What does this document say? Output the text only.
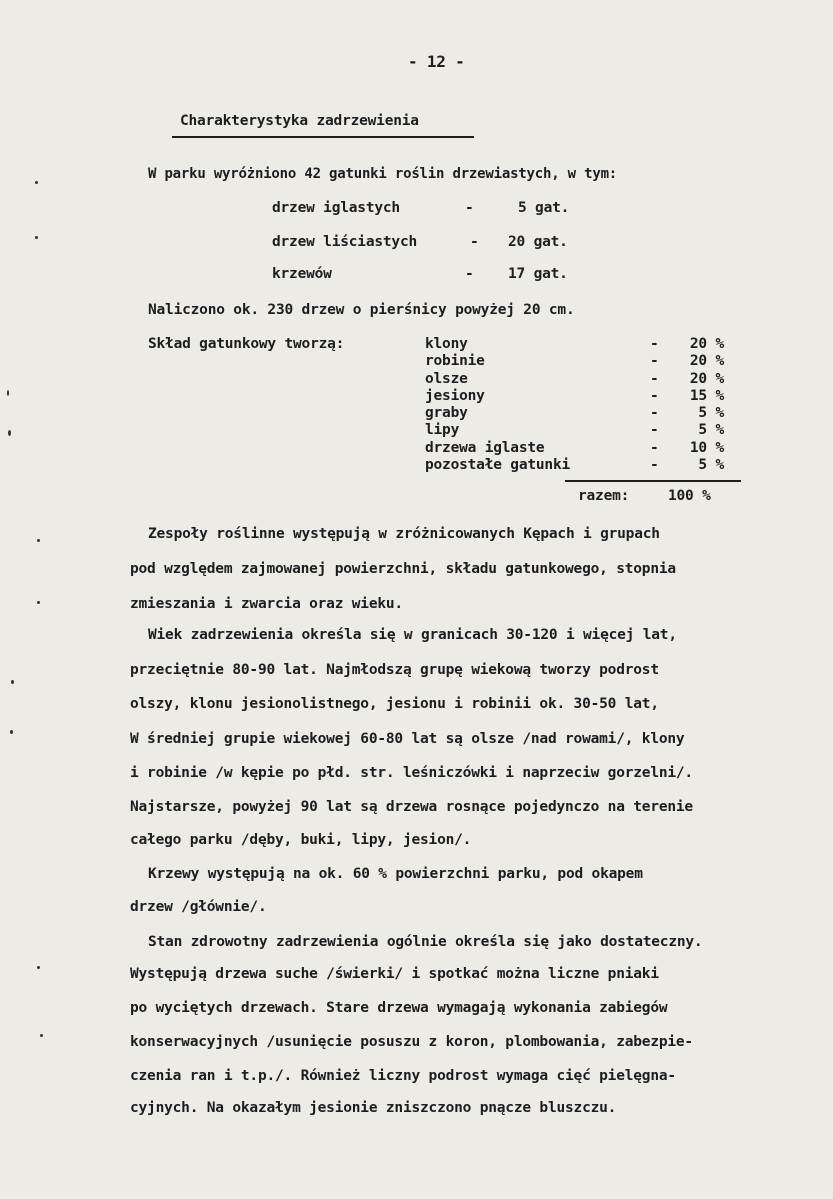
- 12 -
Charakterystyka zadrzewienia
W parku wyróżniono 42 gatunki roślin drzewiastych, w tym:
drzew iglastych	-	5 gat.
drzew liściastych	- 20 gat.
krzewów	- 17 gat.
Naliczono ok. 230 drzew o pierśnicy powyżej 20 cm.
Skład gatunkowy tworzą:	klony	-	20 %
robinie	-	20 %
olsze	-	20 %
jesiony	-	15 %
graby	-	5 %
lipy	-	5 %
drzewa iglaste	-	10 %
pozostałe gatunki	-	5 %
razem:	100 %
Zespoły roślinne występują w zróżnicowanych Kępach i grupach
pod względem zajmowanej powierzchni, składu gatunkowego, stopnia
zmieszania i zwarcia oraz wieku.
Wiek zadrzewienia określa się w granicach 30-120 i więcej lat,
przeciętnie 80-90 lat. Najmłodszą grupę wiekową tworzy podrost
olszy, klonu jesionolistnego, jesionu i robinii ok. 30-50 lat,
W średniej grupie wiekowej 60-80 lat są olsze /nad rowami/, klony
i robinie /w kępie po płd. str. leśniczówki i naprzeciw gorzelni/.
Najstarsze, powyżej 90 lat są drzewa rosnące pojedynczo na terenie
całego parku /dęby, buki, lipy, jesion/.
Krzewy występują na ok. 60 % powierzchni parku, pod okapem
drzew /głównie/.
Stan zdrowotny zadrzewienia ogólnie określa się jako dostateczny.
Występują drzewa suche /świerki/ i spotkać można liczne pniaki
po wyciętych drzewach. Stare drzewa wymagają wykonania zabiegów
konserwacyjnych /usunięcie posuszu z koron, plombowania, zabezpie-
czenia ran i t.p./. Również liczny podrost wymaga cięć pielęgna-
cyjnych. Na okazałym jesionie zniszczono pnącze bluszczu.
